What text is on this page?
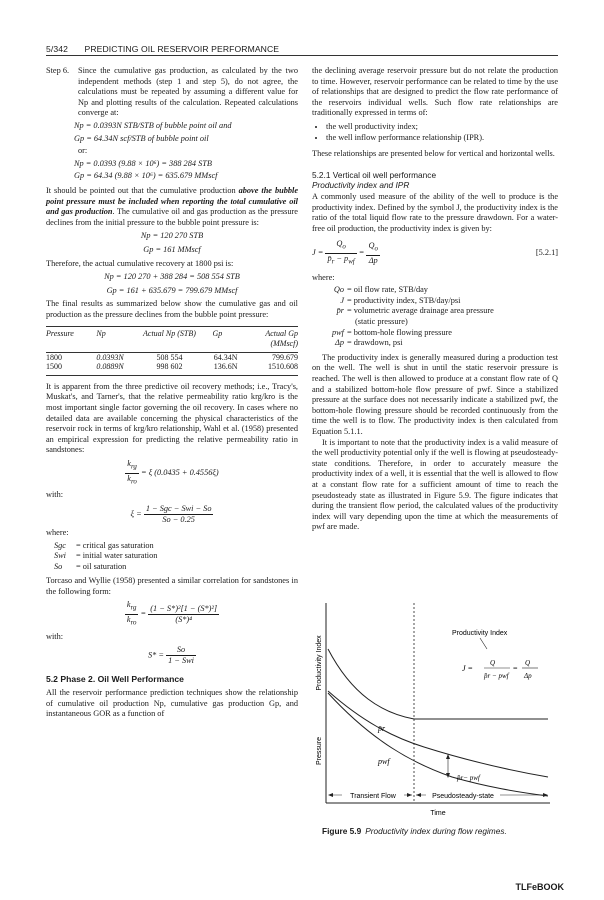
5/342 PREDICTING OIL RESERVOIR PERFORMANCE
Step 6.	Since the cumulative gas production, as calculated by the two independent methods (step 1 and step 5), do not agree, the calculations must be repeated by assuming a different value for Np and plotting results of the calculation. Repeated calculations converge at:
Np = 0.0393N STB/STB of bubble point oil and
Gp = 64.34N scf/STB of bubble point oil
or:
Np = 0.0393 (9.88 × 10⁶) = 388 284 STB
Gp = 64.34 (9.88 × 10⁶) = 635.679 MMscf

It should be pointed out that the cumulative production above the bubble point pressure must be included when reporting the total cumulative oil and gas production. The cumulative oil and gas production as the pressure declines from the initial pressure to the bubble point pressure is:

Np = 120 270 STB
Gp = 161 MMscf

Therefore, the actual cumulative recovery at 1800 psi is:

Np = 120 270 + 388 284 = 508 554 STB
Gp = 161 + 635.679 = 799.679 MMscf

The final results as summarized below show the cumulative gas and oil production as the pressure declines from the bubble point pressure:

Pressure	Np	Actual Np (STB)	Gp	Actual Gp (MMscf)
1800	0.0393N	508 554	64.34N	799.679
1500	0.0889N	998 602	136.6N	1510.608

It is apparent from the three predictive oil recovery methods; i.e., Tracy's, Muskat's, and Tarner's, that the relative permeability ratio krg/kro is the most important single factor governing the oil recovery. In cases where no detailed data are available concerning the physical characteristics of the reservoir rock in terms of krg/kro relationship, Wahl et al. (1958) presented an empirical expression for predicting the relative permeability ratio in sandstones:

$\frac{k_{rg}}{k_{ro}} = \xi$ (0.0435 + 0.4556ξ)
with:
$\xi = \frac{\text{1 − Sgc − Swi − So}}{So - 0.25}$
where:
Sgc = critical gas saturation
Swi = initial water saturation
So = oil saturation

Torcaso and Wyllie (1958) presented a similar correlation for sandstones in the following form:

$\frac{k_{rg}}{k_{ro}} = \frac{\text{(1 − S*)²[1 − (S*)²]}}{\text{(S*)⁴}}$
with:
$S* = \frac{So}{\text{1 − Swi}}$
5.2 Phase 2. Oil Well Performance

All the reservoir performance prediction techniques show the relationship of cumulative oil production Np, cumulative gas production Gp, and instantaneous GOR as a function of

the declining average reservoir pressure but do not relate the production to time. However, reservoir performance can be related to time by the use of relationships that are designed to predict the flow rate performance of the reservoirs individual wells. Such flow rate relationships are traditionally expressed in terms of:

• the well productivity index;
• the well inflow performance relationship (IPR).

These relationships are presented below for vertical and horizontal wells.

5.2.1 Vertical oil well performance
Productivity index and IPR

A commonly used measure of the ability of the well to produce is the productivity index. Defined by the symbol J, the productivity index is the ratio of the total liquid flow rate to the pressure drawdown. For a water-free oil production, the productivity index is given by:

$J = \frac{Q_o}{p̄_r - p_{wf}} = \frac{Q_o}{\Delta p}$	[5.2.1]
where:
Qo = oil flow rate, STB/day
J = productivity index, STB/day/psi
p̄r = volumetric average drainage area pressure
(static pressure)
pwf = bottom-hole flowing pressure
Δp = drawdown, psi

The productivity index is generally measured during a production test on the well. The well is shut in until the static reservoir pressure is reached. The well is then allowed to produce at a constant flow rate of Q and a stabilized bottom-hole flow pressure of pwf. Since a stabilized pressure at the surface does not necessarily indicate a stabilized pwf, the bottom-hole flowing pressure should be recorded continuously from the time the well is to flow. The productivity index is then calculated from Equation 5.1.1.

It is important to note that the productivity index is a valid measure of the well productivity potential only if the well is flowing at pseudosteady-state conditions. Therefore, in order to accurately measure the productivity index of a well, it is essential that the well is allowed to flow at a constant flow rate for a sufficient amount of time to reach the pseudosteady state as illustrated in Figure 5.9. The figure indicates that during the transient flow period, the calculated values of the productivity index will vary depending upon the time at which the measurements of pwf are made.

Productivity Index
Pressure
Productivity Index
J =
Q
p̄r − pwf
=
Q
Δp
p̄r
pwf
p̄r− pwf
Transient Flow	Pseudosteady-state
Time
Figure 5.9 Productivity index during flow regimes.
TLFeBOOK
